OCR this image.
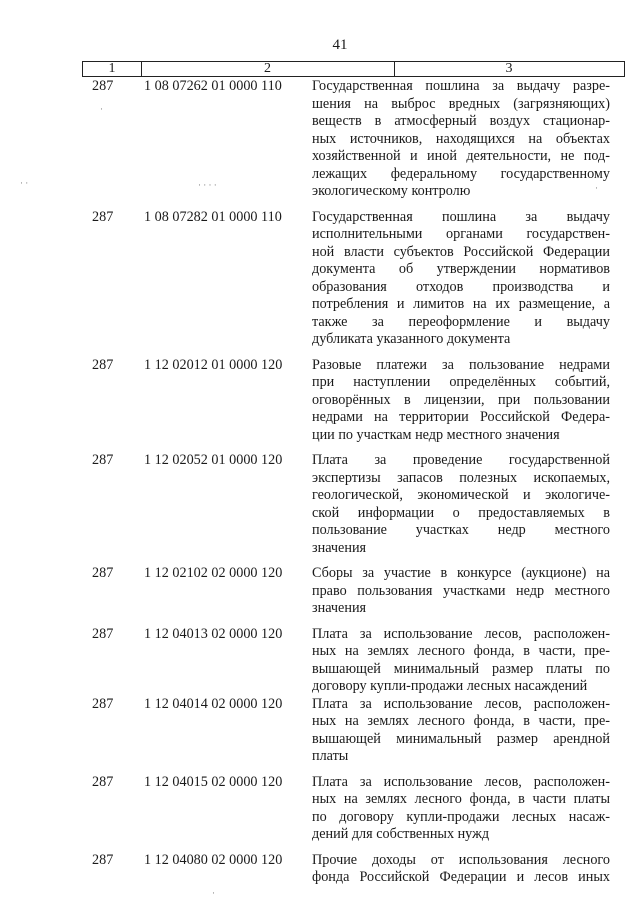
41
1	2	3
287	1 08 07262 01 0000 110	Государственная пошлина за выдачу разре-
шения на выброс вредных (загрязняющих)
веществ в атмосферный воздух стационар-
ных источников, находящихся на объектах
хозяйственной и иной деятельности, не под-
лежащих федеральному государственному
экологическому контролю
287	1 08 07282 01 0000 110	Государственная пошлина за выдачу
исполнительными органами государствен-
ной власти субъектов Российской Федерации
документа об утверждении нормативов
образования отходов производства и
потребления и лимитов на их размещение, а
также за переоформление и выдачу
дубликата указанного документа
287	1 12 02012 01 0000 120	Разовые платежи за пользование недрами
при наступлении определённых событий,
оговорённых в лицензии, при пользовании
недрами на территории Российской Федера-
ции по участкам недр местного значения
287	1 12 02052 01 0000 120	Плата за проведение государственной
экспертизы запасов полезных ископаемых,
геологической, экономической и экологиче-
ской информации о предоставляемых в
пользование участках недр местного
значения
287	1 12 02102 02 0000 120	Сборы за участие в конкурсе (аукционе) на
право пользования участками недр местного
значения
287	1 12 04013 02 0000 120	Плата за использование лесов, расположен-
ных на землях лесного фонда, в части, пре-
вышающей минимальный размер платы по
договору купли-продажи лесных насаждений
287	1 12 04014 02 0000 120	Плата за использование лесов, расположен-
ных на землях лесного фонда, в части, пре-
вышающей минимальный размер арендной
платы
287	1 12 04015 02 0000 120	Плата за использование лесов, расположен-
ных на землях лесного фонда, в части платы
по договору купли-продажи лесных насаж-
дений для собственных нужд
287	1 12 04080 02 0000 120	Прочие доходы от использования лесного
фонда Российской Федерации и лесов иных
·
· ·	· · · ·	·
·
